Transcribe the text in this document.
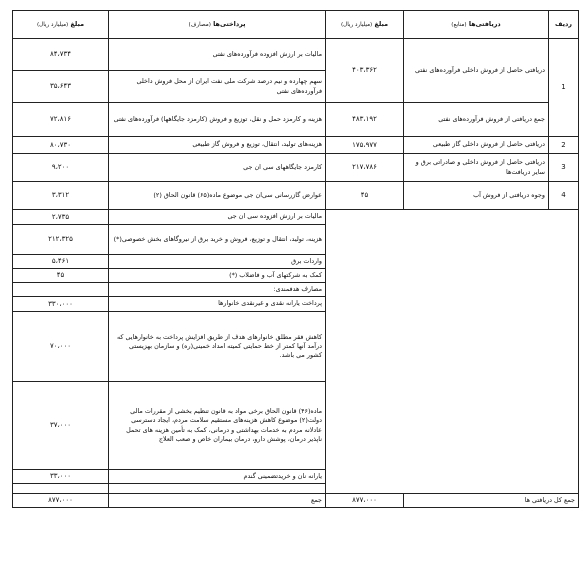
ردیف	دریافتی‌ها (منابع)	مبلغ (میلیارد ریال)	پرداختی‌ها (مصارف)	مبلغ (میلیارد ریال)
1	دریافتی حاصل از فروش داخلی فرآورده‌های نفتی	۴۰۳،۳۶۲	مالیات بر ارزش افزوده فرآورده‌های نفتی	۸۴،۷۳۴
			سهم چهارده و نیم درصد شرکت ملی نفت ایران از محل فروش داخلی فرآورده‌های نفتی	۳۵،۶۴۳
	جمع دریافتی از فروش فرآورده‌های نفتی	۴۸۳،۱۹۲	هزینه و کارمزد حمل و نقل، توزیع و فروش (کارمزد جایگاهها) فرآورده‌های نفتی	۷۲،۸۱۶
2	دریافتی حاصل از فروش داخلی گاز طبیعی	۱۷۵،۹۷۷	هزینه‌های تولید، انتقال، توزیع و فروش گاز طبیعی	۸۰،۷۳۰
3	دریافتی حاصل از فروش داخلی و صادراتی برق و سایر دریافت‌ها	۲۱۷،۷۸۶	کارمزد جایگاههای سی ان جی	۹،۲۰۰
4	وجوه دریافتی از فروش آب	۴۵	عوارض گازرسانی سی‌ان جی موضوع ماده(۶۵) قانون الحاق (۲)	۳،۳۱۲
			مالیات بر ارزش افزوده سی ان جی	۲،۷۳۵
			هزینه، تولید، انتقال و توزیع، فروش و خرید برق از نیروگاهای بخش خصوصی(*)	۲۱۲،۳۲۵
			واردات برق	۵،۴۶۱
			کمک به شرکتهای آب و فاضلاب (*)	۴۵
			مصارف هدفمندی:	
			پرداخت یارانه نقدی و غیرنقدی خانوارها	۳۳۰،۰۰۰
			کاهش فقر مطلق خانوارهای هدف از طریق افزایش پرداخت به خانوارهایی که درآمد آنها کمتر از خط حمایتی کمیته امداد خمینی(ره) و سازمان بهزیستی کشور می باشد.	۷۰،۰۰۰
			ماده(۴۶) قانون الحاق برخی مواد به قانون تنظیم بخشی از مقررات مالی دولت(۲) موضوع کاهش هزینه‌های مستقیم سلامت مردم، ایجاد دسترسی عادلانه مردم به خدمات بهداشتی و درمانی، کمک به تأمین هزینه های تحمل ناپذیر درمان، پوشش دارو، درمان بیماران خاص و صعب العلاج	۳۷،۰۰۰
			یارانه نان و خریدتضمینی گندم	۳۳،۰۰۰

جمع کل دریافتی ها		۸۷۷،۰۰۰	جمع	۸۷۷،۰۰۰
